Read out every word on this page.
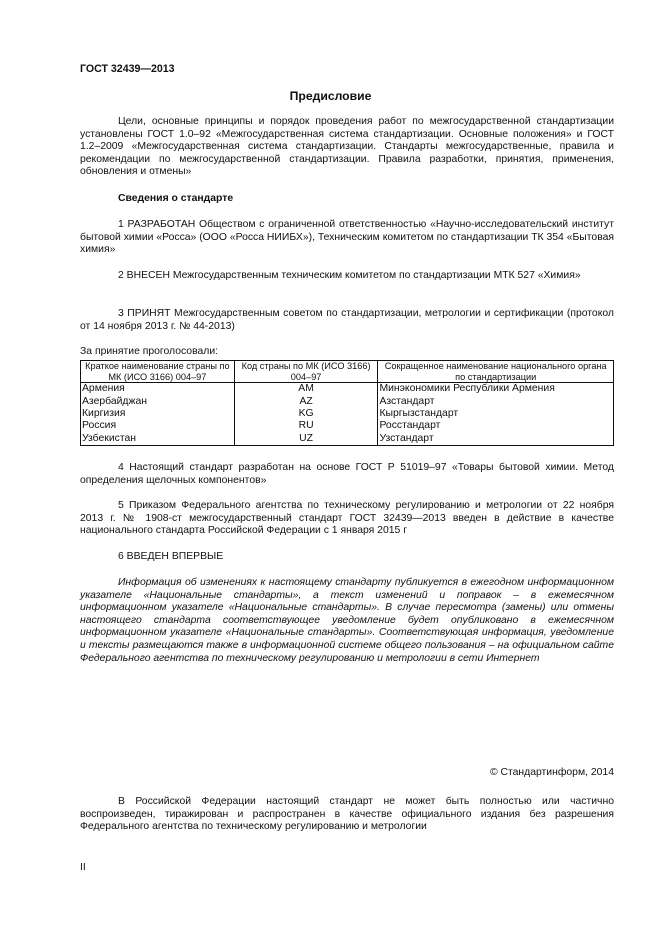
ГОСТ 32439—2013
Предисловие
Цели, основные принципы и порядок проведения работ по межгосударственной стандартизации установлены ГОСТ 1.0–92 «Межгосударственная система стандартизации. Основные положения» и ГОСТ 1.2–2009 «Межгосударственная система стандартизации. Стандарты межгосударственные, правила и рекомендации по межгосударственной стандартизации. Правила разработки, принятия, применения, обновления и отмены»
Сведения о стандарте
1 РАЗРАБОТАН Обществом с ограниченной ответственностью «Научно-исследовательский институт бытовой химии «Росса» (ООО «Росса НИИБХ»), Техническим комитетом по стандартизации ТК 354 «Бытовая химия»
2 ВНЕСЕН Межгосударственным техническим комитетом по стандартизации МТК 527 «Химия»
3 ПРИНЯТ Межгосударственным советом по стандартизации, метрологии и сертификации (протокол от 14 ноября 2013 г. № 44-2013)
За принятие проголосовали:
Краткое наименование страны по МК (ИСО 3166) 004–97	Код страны по МК (ИСО 3166) 004–97	Сокращенное наименование национального органа по стандартизации
Армения	AM	Минэкономики Республики Армения
Азербайджан	AZ	Азстандарт
Киргизия	KG	Кыргызстандарт
Россия	RU	Росстандарт
Узбекистан	UZ	Узстандарт
4 Настоящий стандарт разработан на основе ГОСТ Р 51019–97 «Товары бытовой химии. Метод определения щелочных компонентов»
5 Приказом Федерального агентства по техническому регулированию и метрологии от 22 ноября 2013 г. № 1908-ст межгосударственный стандарт ГОСТ 32439—2013 введен в действие в качестве национального стандарта Российской Федерации с 1 января 2015 г
6 ВВЕДЕН ВПЕРВЫЕ
Информация об изменениях к настоящему стандарту публикуется в ежегодном информационном указателе «Национальные стандарты», а текст изменений и поправок – в ежемесячном информационном указателе «Национальные стандарты». В случае пересмотра (замены) или отмены настоящего стандарта соответствующее уведомление будет опубликовано в ежемесячном информационном указателе «Национальные стандарты». Соответствующая информация, уведомление и тексты размещаются также в информационной системе общего пользования – на официальном сайте Федерального агентства по техническому регулированию и метрологии в сети Интернет
© Стандартинформ, 2014
В Российской Федерации настоящий стандарт не может быть полностью или частично воспроизведен, тиражирован и распространен в качестве официального издания без разрешения Федерального агентства по техническому регулированию и метрологии
II
